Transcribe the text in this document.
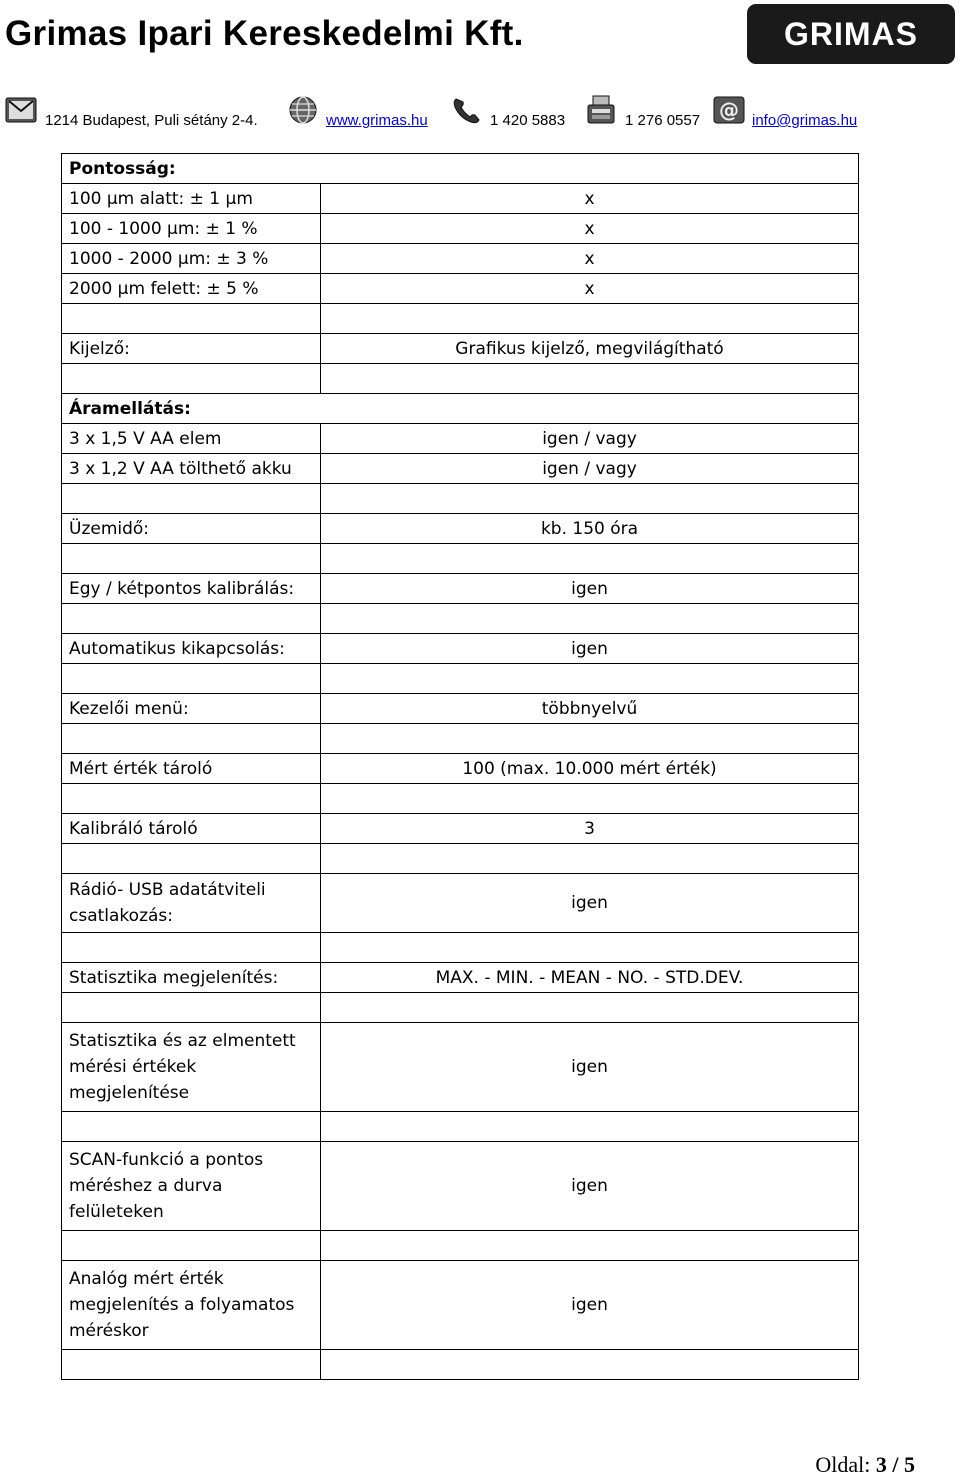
Grimas Ipari Kereskedelmi Kft.	GRIMAS
1214 Budapest, Puli sétány 2-4.	www.grimas.hu	1 420 5883	1 276 0557 @ info@grimas.hu
Pontosság:	
100 µm alatt: ± 1 µm	x
100 - 1000 µm: ± 1 %	x
1000 - 2000 µm: ± 3 %	x
2000 µm felett: ± 5 %	x

Kijelző:	Grafikus kijelző, megvilágítható

Áramellátás:	
3 x 1,5 V AA elem	igen / vagy
3 x 1,2 V AA tölthető akku	igen / vagy

Üzemidő:	kb. 150 óra

Egy / kétpontos kalibrálás:	igen

Automatikus kikapcsolás:	igen

Kezelői menü:	többnyelvű

Mért érték tároló	100 (max. 10.000 mért érték)

Kalibráló tároló	3

Rádió- USB adatátviteli csatlakozás:	igen

Statisztika megjelenítés:	MAX. - MIN. - MEAN - NO. - STD.DEV.

Statisztika és az elmentett mérési értékek megjelenítése	igen

SCAN-funkció a pontos méréshez a durva felületeken	igen

Analóg mért érték megjelenítés a folyamatos méréskor	igen

Oldal: 3 / 5
